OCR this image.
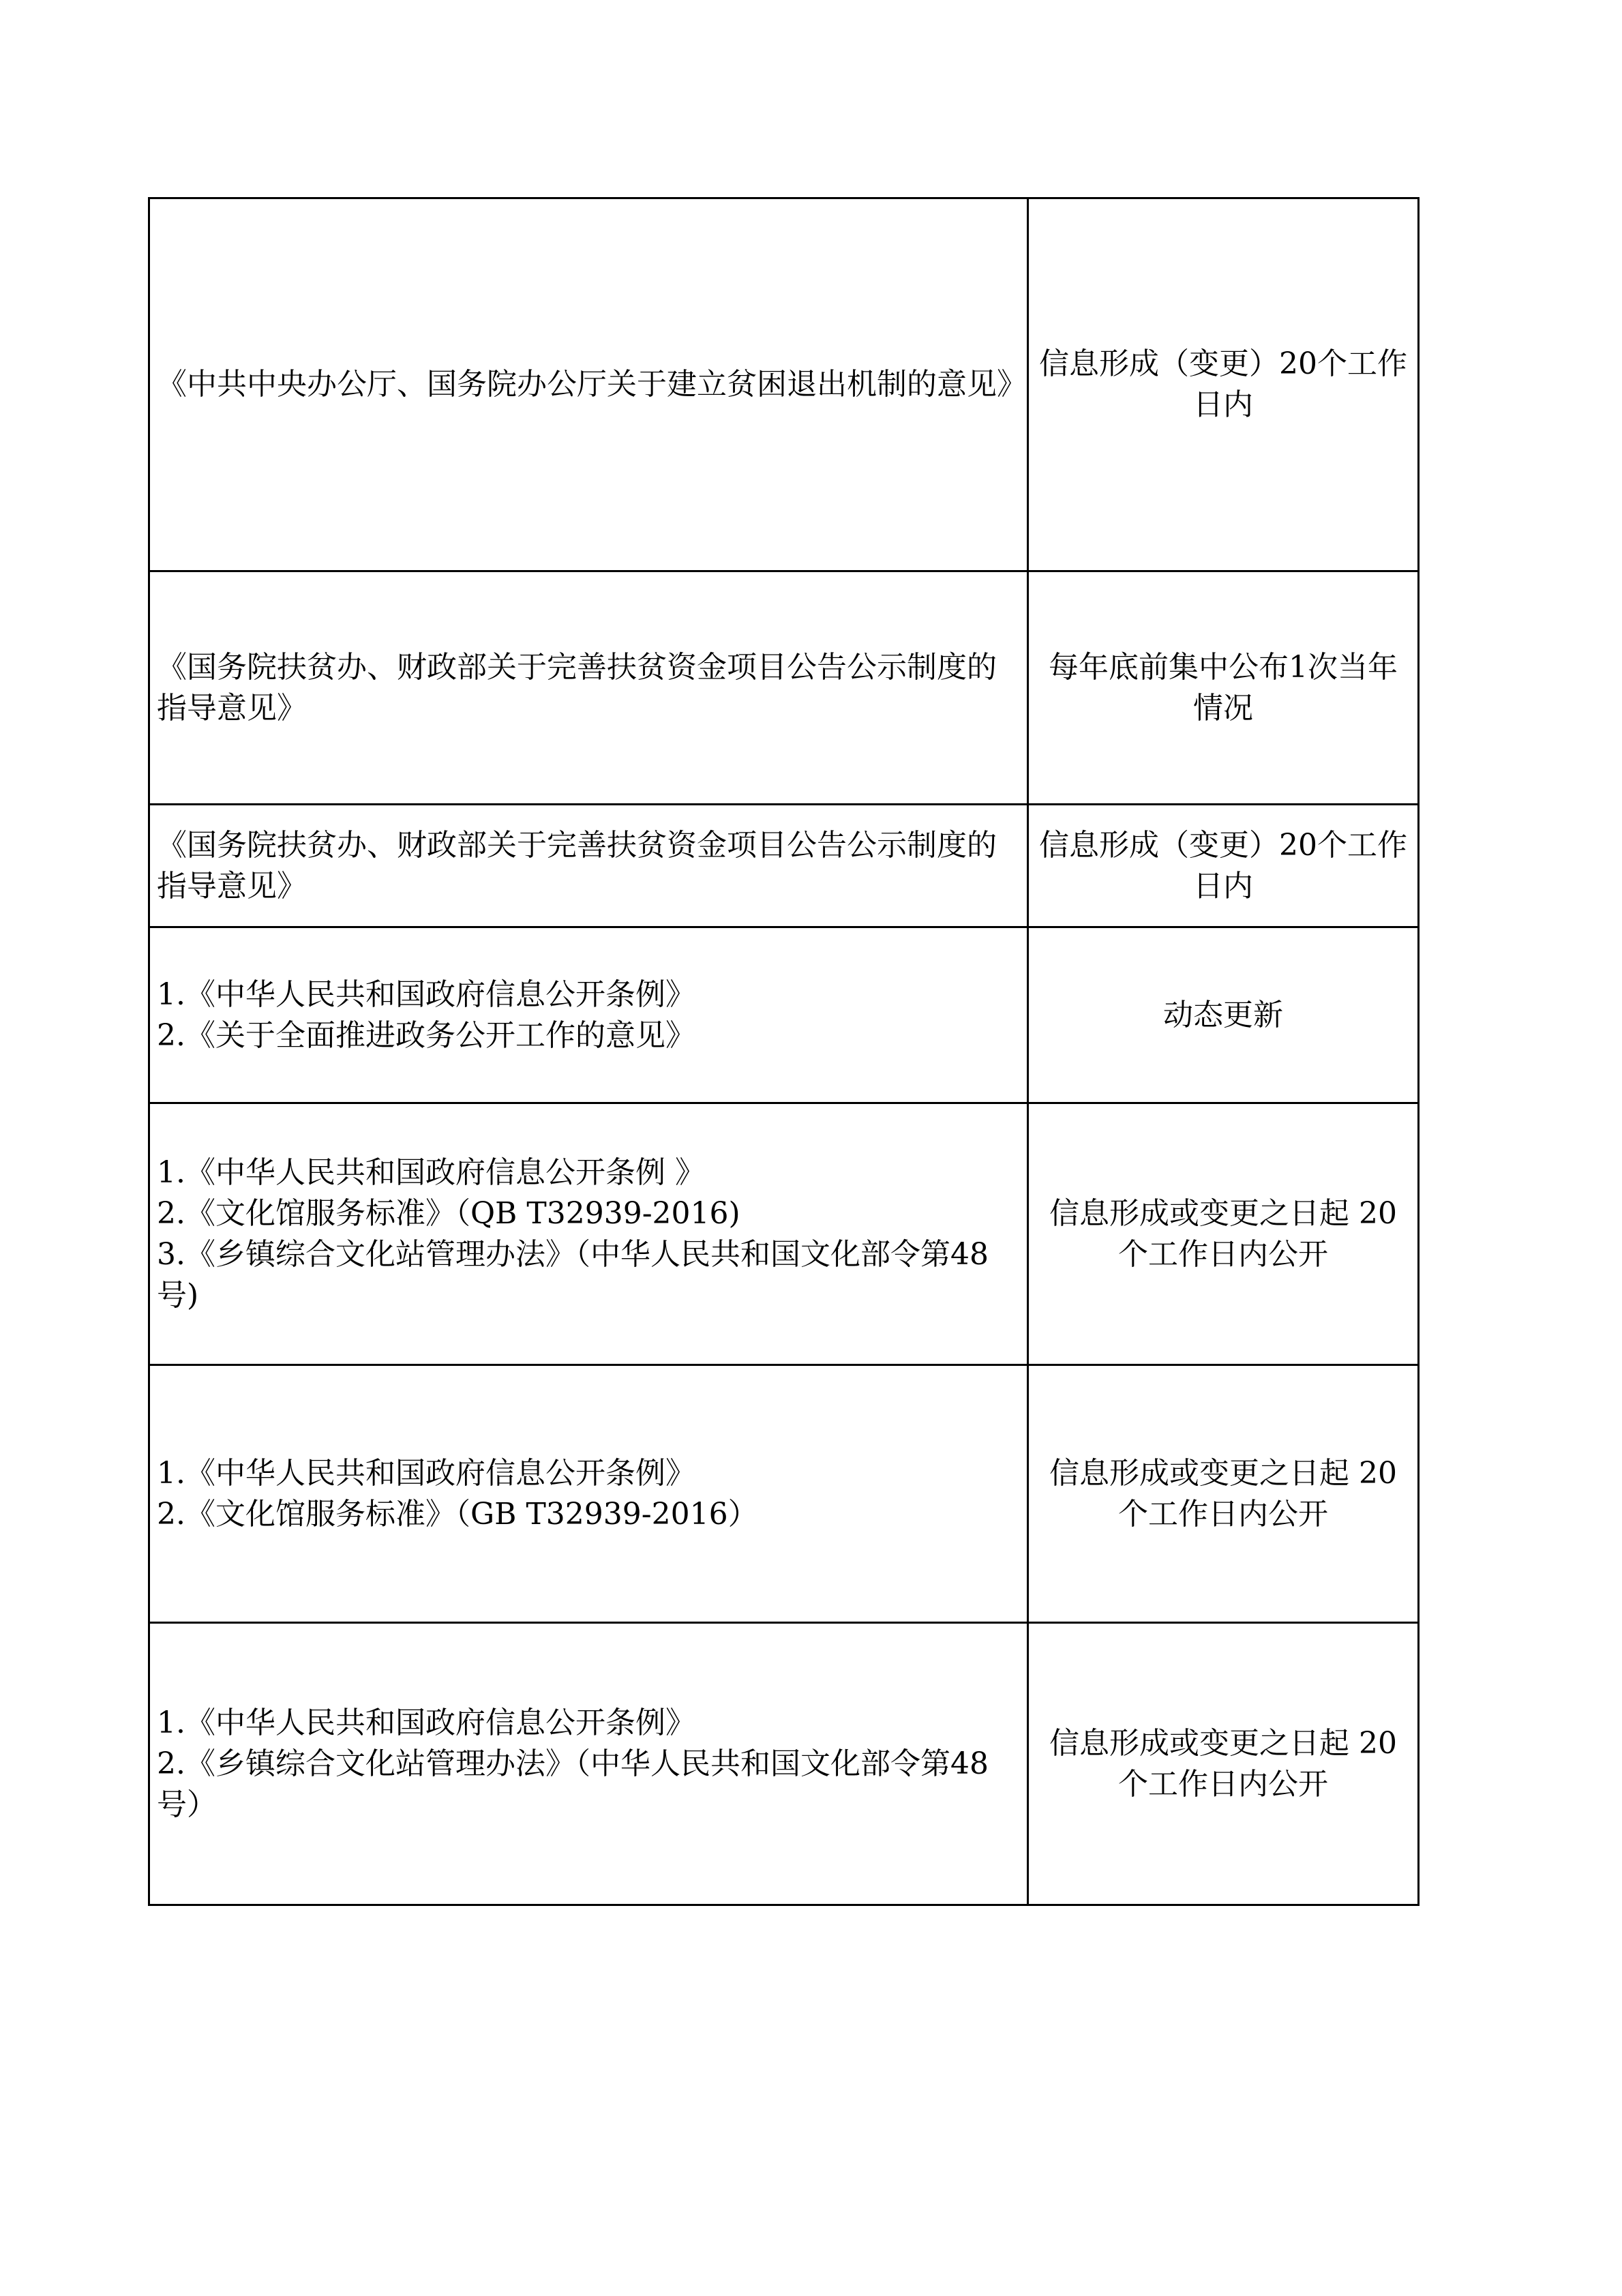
《中共中央办公厅、国务院办公厅关于建立贫困退出机制的意见》	信息形成（变更）20个工作日内

《国务院扶贫办、财政部关于完善扶贫资金项目公告公示制度的指导意见》	每年底前集中公布1次当年情况

《国务院扶贫办、财政部关于完善扶贫资金项目公告公示制度的指导意见》	信息形成（变更）20个工作日内

1.《中华人民共和国政府信息公开条例》
2.《关于全面推进政务公开工作的意见》	动态更新

1.《中华人民共和国政府信息公开条例 》
2.《文化馆服务标准》（QB T32939-2016)
3.《乡镇综合文化站管理办法》（中华人民共和国文化部令第48号)	信息形成或变更之日起 20个工作日内公开

1.《中华人民共和国政府信息公开条例》
2.《文化馆服务标准》（GB T32939-2016）	信息形成或变更之日起 20个工作日内公开

1.《中华人民共和国政府信息公开条例》
2.《乡镇综合文化站管理办法》（中华人民共和国文化部令第48号）	信息形成或变更之日起 20个工作日内公开
